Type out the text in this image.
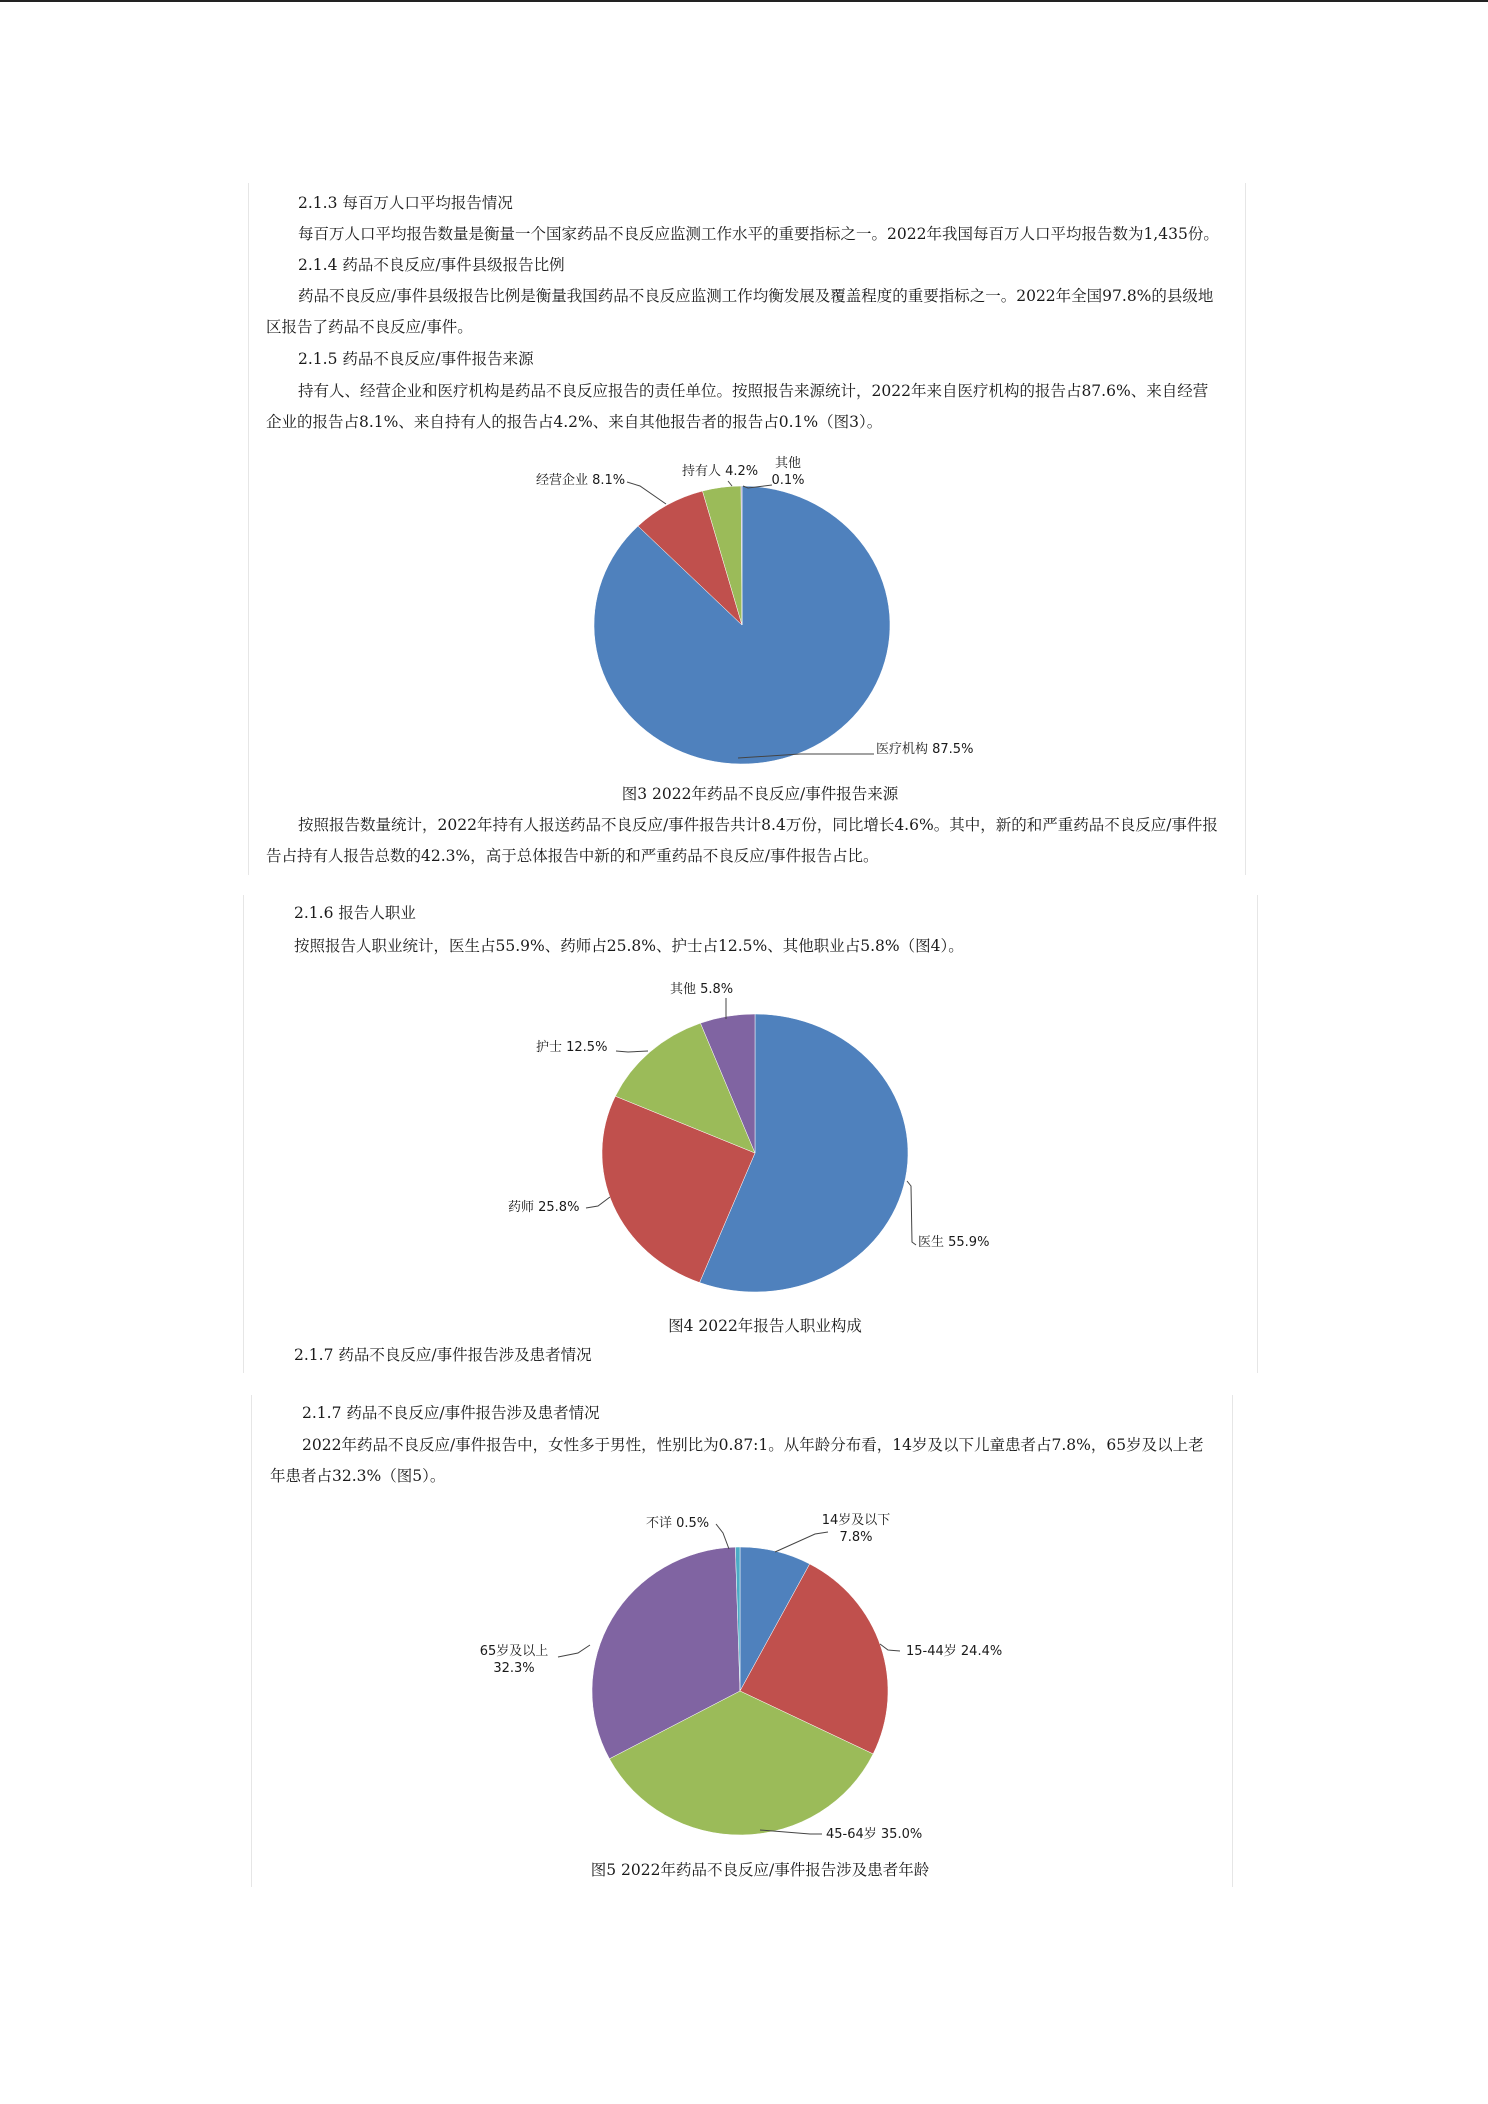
2.1.3 每百万人口平均报告情况
每百万人口平均报告数量是衡量一个国家药品不良反应监测工作水平的重要指标之一。2022年我国每百万人口平均报告数为1,435份。
2.1.4 药品不良反应/事件县级报告比例
药品不良反应/事件县级报告比例是衡量我国药品不良反应监测工作均衡发展及覆盖程度的重要指标之一。2022年全国97.8%的县级地区报告了药品不良反应/事件。
2.1.5 药品不良反应/事件报告来源
持有人、经营企业和医疗机构是药品不良反应报告的责任单位。按照报告来源统计，2022年来自医疗机构的报告占87.6%、来自经营企业的报告占8.1%、来自持有人的报告占4.2%、来自其他报告者的报告占0.1%（图3）。
医疗机构 87.5%
经营企业 8.1%
持有人 4.2%
其他 0.1%
图3 2022年药品不良反应/事件报告来源
按照报告数量统计，2022年持有人报送药品不良反应/事件报告共计8.4万份，同比增长4.6%。其中，新的和严重药品不良反应/事件报告占持有人报告总数的42.3%，高于总体报告中新的和严重药品不良反应/事件报告占比。
2.1.6 报告人职业
按照报告人职业统计，医生占55.9%、药师占25.8%、护士占12.5%、其他职业占5.8%（图4）。
医生 55.9%
药师 25.8%
护士 12.5%
其他 5.8%
图4 2022年报告人职业构成
2.1.7 药品不良反应/事件报告涉及患者情况
2.1.7 药品不良反应/事件报告涉及患者情况
2022年药品不良反应/事件报告中，女性多于男性，性别比为0.87:1。从年龄分布看，14岁及以下儿童患者占7.8%，65岁及以上老年患者占32.3%（图5）。
14岁及以下 7.8%
15-44岁 24.4%
45-64岁 35.0%
65岁及以上 32.3%
不详 0.5%
图5 2022年药品不良反应/事件报告涉及患者年龄
